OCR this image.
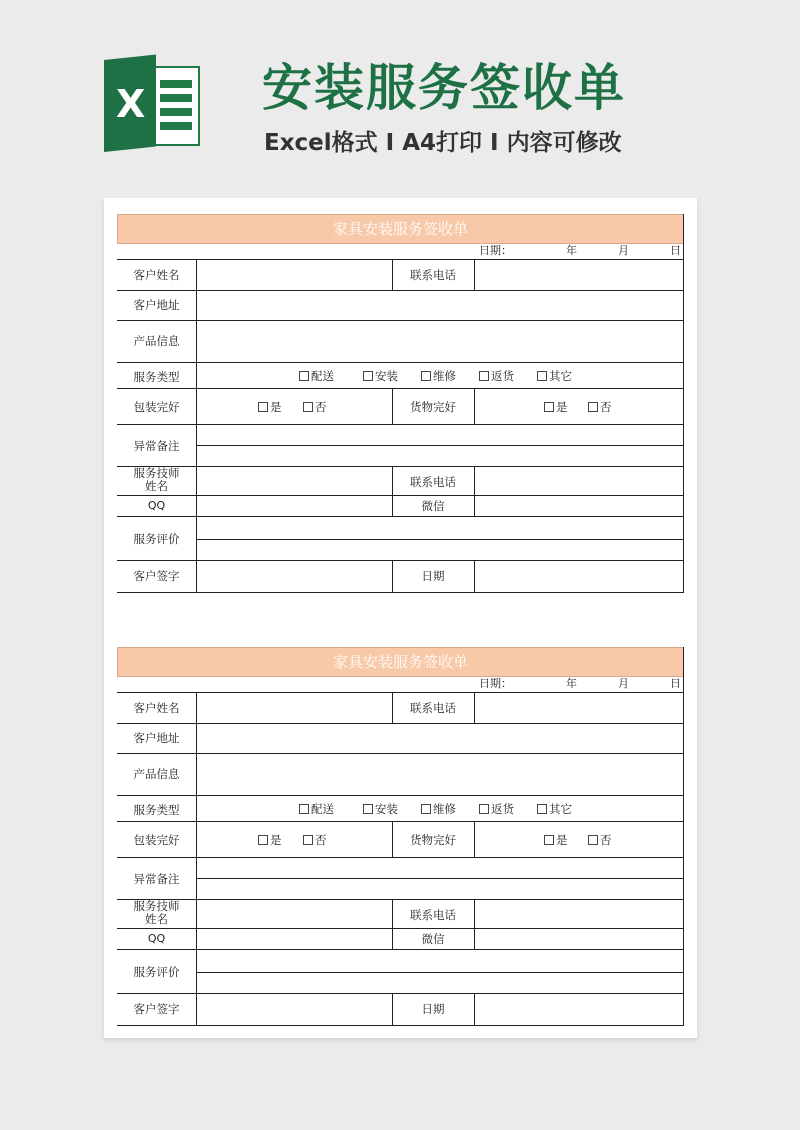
X 安装服务签收单
Excel格式 I A4打印 I 内容可修改
家具安装服务签收单
日期：	年	月	日
客户姓名	联系电话
客户地址
产品信息
服务类型	配送	安装	维修	返货	其它
包装完好	是	否	货物完好	是	否
异常备注
服务技师
姓名	联系电话
QQ	微信
服务评价
客户签字	日期
家具安装服务签收单
日期：	年	月	日
客户姓名	联系电话
客户地址
产品信息
服务类型	配送	安装	维修	返货	其它
包装完好	是	否	货物完好	是	否
异常备注
服务技师
姓名	联系电话
QQ	微信
服务评价
客户签字	日期
